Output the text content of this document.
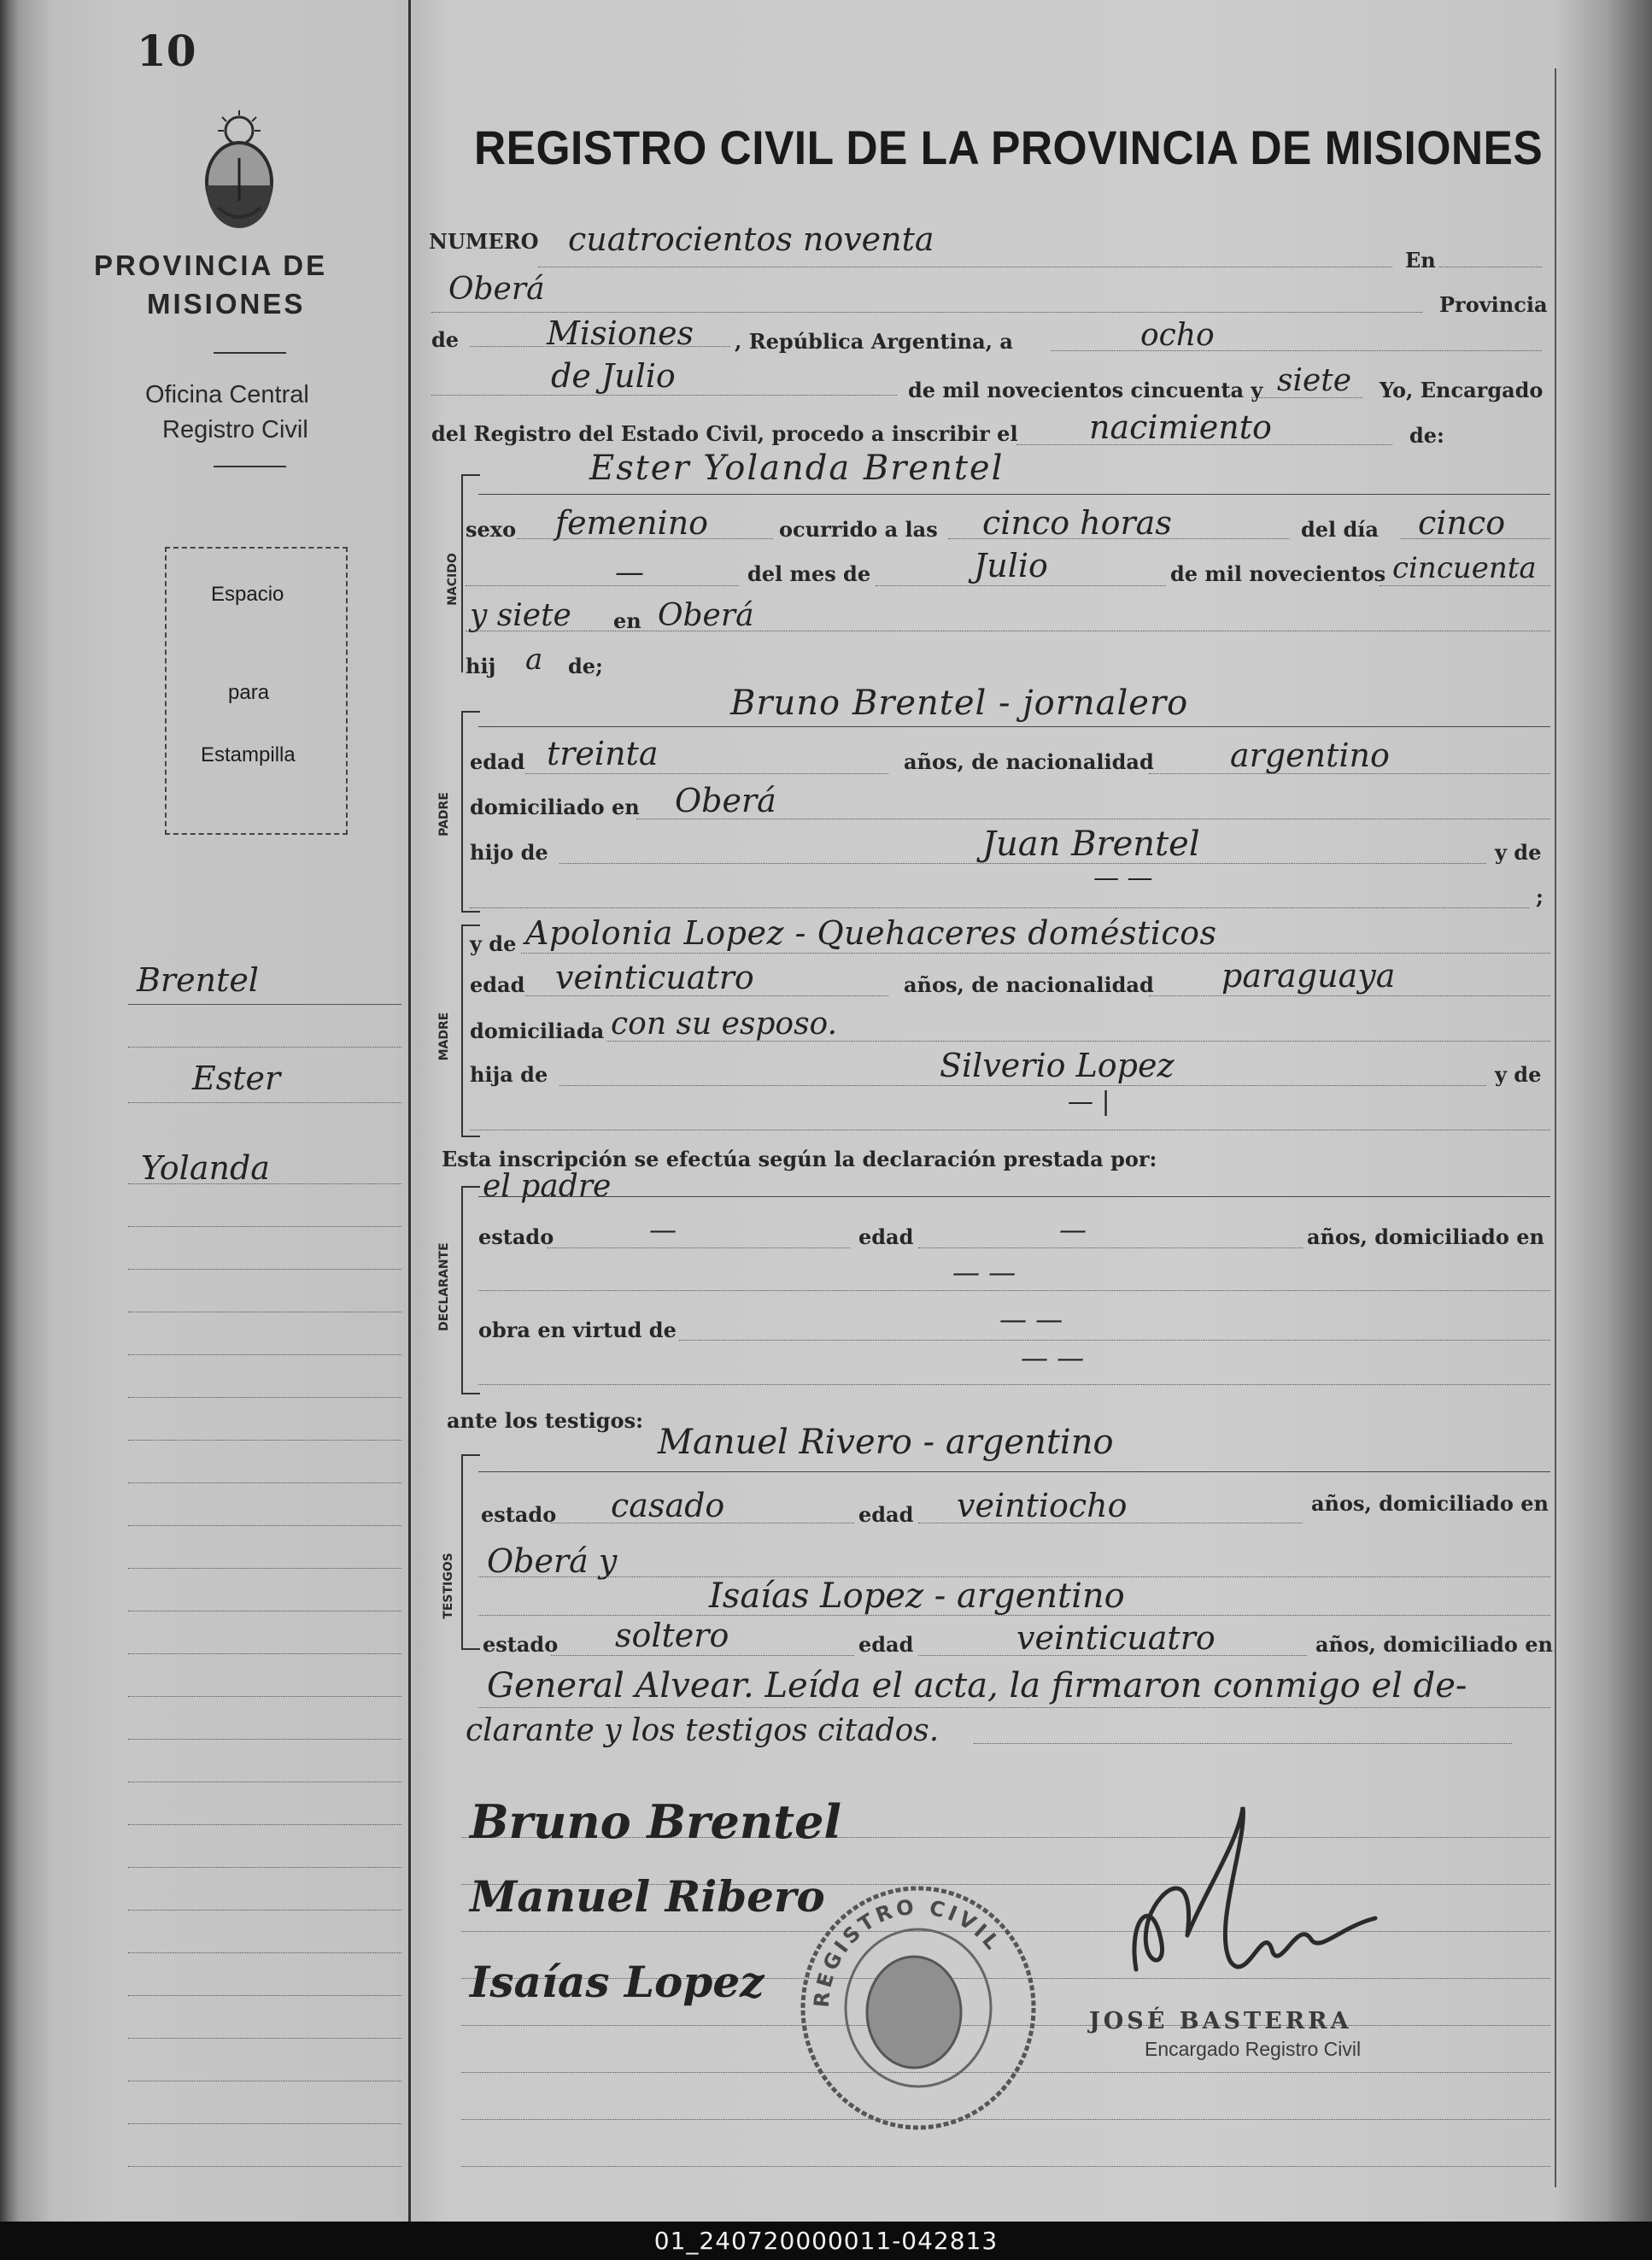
10
PROVINCIA DE
MISIONES
Oficina Central
Registro Civil
Espacio
para
Estampilla
Brentel
Ester
Yolanda
REGISTRO CIVIL DE LA PROVINCIA DE MISIONES
NUMERO cuatrocientos noventa
En
Oberá	Provincia
de	Misiones , República Argentina, a	ocho
de Julio	de mil novecientos cincuenta y siete Yo, Encargado
del Registro del Estado Civil, procedo a inscribir el nacimiento	de:
NACIDO
Ester Yolanda Brentel
sexo femenino	ocurrido a las cinco horas	del día cinco
—	del mes de	Julio	de mil novecientos cincuenta
y siete en Oberá
hij a de;
PADRE
Bruno Brentel - jornalero
edad treinta	años, de nacionalidad argentino
domiciliado en Oberá
hijo de	Juan Brentel	y de
— —
;
MADRE
y de Apolonia Lopez - Quehaceres domésticos
edad veinticuatro	años, de nacionalidad paraguaya
domiciliada con su esposo.
hija de	Silverio Lopez	y de
— |
Esta inscripción se efectúa según la declaración prestada por:
DECLARANTE
el padre
estado	—	edad	—	años, domiciliado en
— —
obra en virtud de	— —
— —
ante los testigos:
TESTIGOS
Manuel Rivero - argentino
estado casado	edad veintiocho	años, domiciliado en
Oberá y
Isaías Lopez - argentino
estado soltero	edad	veinticuatro	años, domiciliado en
General Alvear. Leída el acta, la firmaron conmigo el de-
clarante y los testigos citados.
Bruno Brentel
Manuel Ribero
Isaías Lopez REGISTRO CIVIL
JOSÉ BASTERRA
Encargado Registro Civil
01_240720000011-042813
